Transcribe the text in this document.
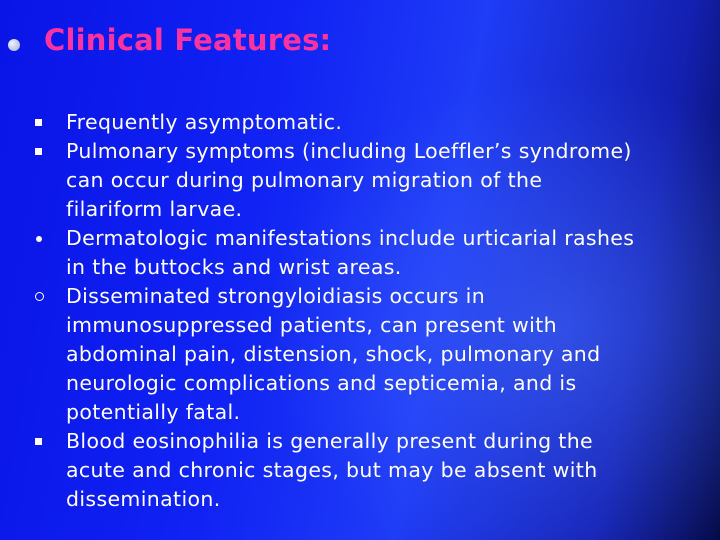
Clinical Features:
Frequently asymptomatic.
Pulmonary symptoms (including Loeffler’s syndrome)
can occur during pulmonary migration of the
filariform larvae.
Dermatologic manifestations include urticarial rashes
in the buttocks and wrist areas.
Disseminated strongyloidiasis occurs in
immunosuppressed patients, can present with
abdominal pain, distension, shock, pulmonary and
neurologic complications and septicemia, and is
potentially fatal.
Blood eosinophilia is generally present during the
acute and chronic stages, but may be absent with
dissemination.
